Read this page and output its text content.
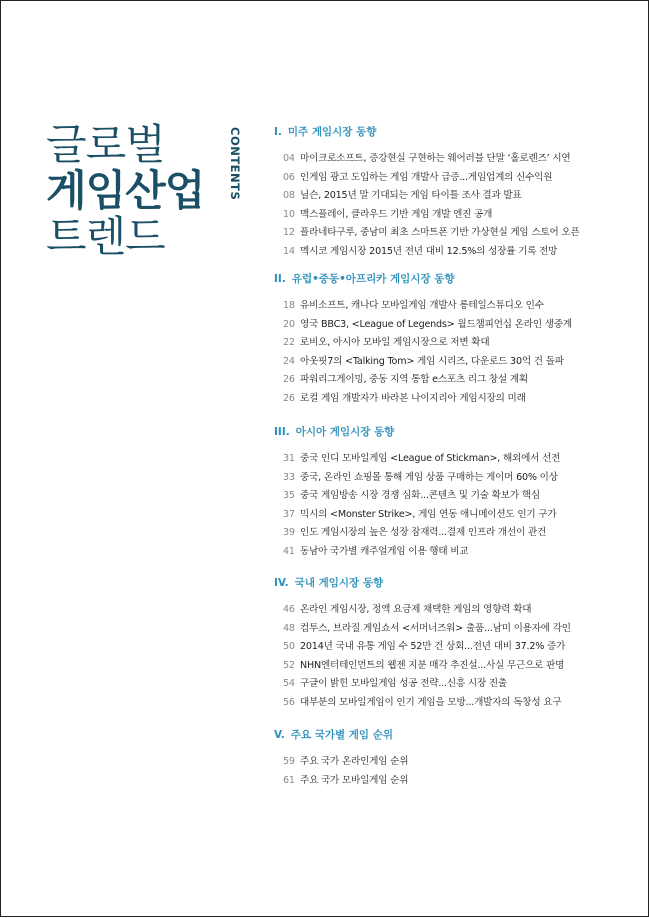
글로벌
게임산업
트렌드
CONTENTS	I. 미주 게임시장 동향
04 마이크로소프트, 증강현실 구현하는 웨어러블 단말 ‘홀로렌즈’ 시연
06 인게임 광고 도입하는 게임 개발사 급증...게임업계의 신수익원
08 닐슨, 2015년 말 기대되는 게임 타이틀 조사 결과 발표
10 맥스플레이, 클라우드 기반 게임 개발 엔진 공개
12 플라네타구루, 중남미 최초 스마트폰 기반 가상현실 게임 스토어 오픈
14 멕시코 게임시장 2015년 전년 대비 12.5%의 성장률 기록 전망
II. 유럽•중동•아프리카 게임시장 동향
18 유비소프트, 캐나다 모바일게임 개발사 롱테일스튜디오 인수
20 영국 BBC3, <League of Legends> 월드챔피언십 온라인 생중계
22 로비오, 아시아 모바일 게임시장으로 저변 확대
24 아웃핏7의 <Talking Tom> 게임 시리즈, 다운로드 30억 건 돌파
26 파워리그게이밍, 중동 지역 통합 e스포츠 리그 창설 계획
26 로컬 게임 개발자가 바라본 나이지리아 게임시장의 미래
III. 아시아 게임시장 동향
31 중국 인디 모바일게임 <League of Stickman>, 해외에서 선전
33 중국, 온라인 쇼핑몰 통해 게임 상품 구매하는 게이머 60% 이상
35 중국 게임방송 시장 경쟁 심화...콘텐츠 및 기술 확보가 핵심
37 믹시의 <Monster Strike>, 게임 연동 애니메이션도 인기 구가
39 인도 게임시장의 높은 성장 잠재력...결제 인프라 개선이 관건
41 동남아 국가별 캐주얼게임 이용 행태 비교
IV. 국내 게임시장 동향
46 온라인 게임시장, 정액 요금제 채택한 게임의 영향력 확대
48 컴투스, 브라질 게임쇼서 <서머너즈워> 출품...남미 이용자에 각인
50 2014년 국내 유통 게임 수 52만 건 상회...전년 대비 37.2% 증가
52 NHN엔터테인먼트의 웹젠 지분 매각 추진설...사실 무근으로 판명
54 구글이 밝힌 모바일게임 성공 전략...신흥 시장 진출
56 대부분의 모바일게임이 인기 게임을 모방...개발자의 독창성 요구
V. 주요 국가별 게임 순위
59 주요 국가 온라인게임 순위
61 주요 국가 모바일게임 순위
